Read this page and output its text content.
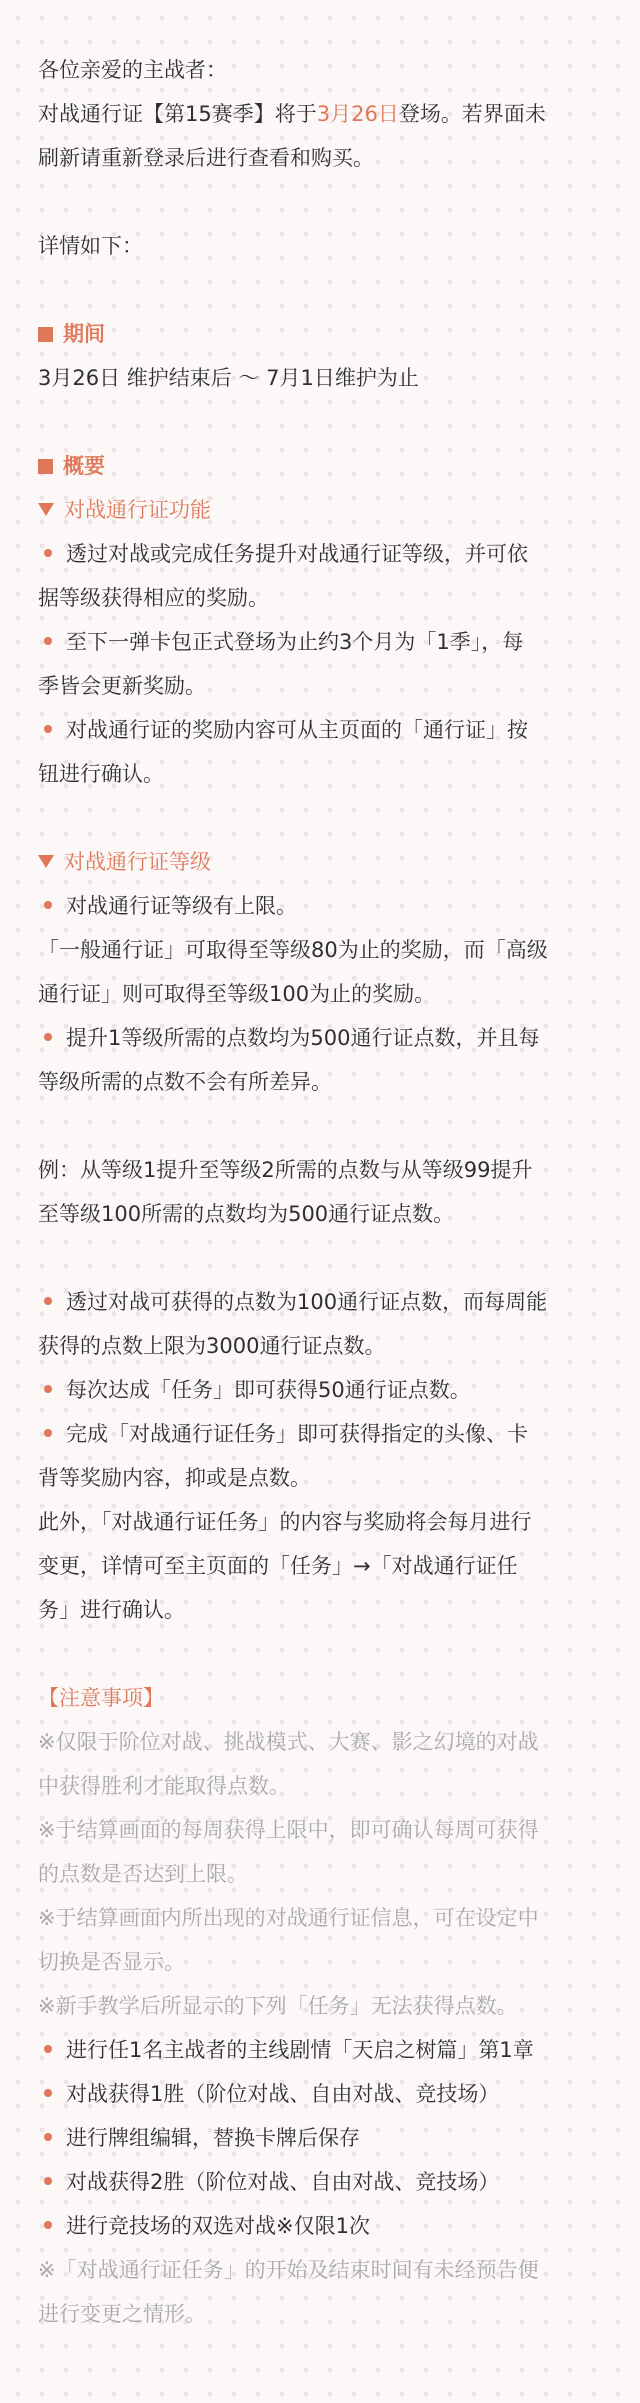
各位亲爱的主战者：
对战通行证【第15赛季】将于3月26日登场。若界面未
刷新请重新登录后进行查看和购买。
详情如下：
期间
3月26日 维护结束后 ～ 7月1日维护为止
概要
对战通行证功能
透过对战或完成任务提升对战通行证等级，并可依
据等级获得相应的奖励。
至下一弹卡包正式登场为止约3个月为「1季」，每
季皆会更新奖励。
对战通行证的奖励内容可从主页面的「通行证」按
钮进行确认。
对战通行证等级
对战通行证等级有上限。
「一般通行证」可取得至等级80为止的奖励，而「高级
通行证」则可取得至等级100为止的奖励。
提升1等级所需的点数均为500通行证点数，并且每
等级所需的点数不会有所差异。
例：从等级1提升至等级2所需的点数与从等级99提升
至等级100所需的点数均为500通行证点数。
透过对战可获得的点数为100通行证点数，而每周能
获得的点数上限为3000通行证点数。
每次达成「任务」即可获得50通行证点数。
完成「对战通行证任务」即可获得指定的头像、卡
背等奖励内容，抑或是点数。
此外，「对战通行证任务」的内容与奖励将会每月进行
变更，详情可至主页面的「任务」→「对战通行证任
务」进行确认。
【注意事项】
※仅限于阶位对战、挑战模式、大赛、影之幻境的对战
中获得胜利才能取得点数。
※于结算画面的每周获得上限中，即可确认每周可获得
的点数是否达到上限。
※于结算画面内所出现的对战通行证信息，可在设定中
切换是否显示。
※新手教学后所显示的下列「任务」无法获得点数。
进行任1名主战者的主线剧情「天启之树篇」第1章
对战获得1胜（阶位对战、自由对战、竞技场）
进行牌组编辑，替换卡牌后保存
对战获得2胜（阶位对战、自由对战、竞技场）
进行竞技场的双选对战※仅限1次
※「对战通行证任务」的开始及结束时间有未经预告便
进行变更之情形。
